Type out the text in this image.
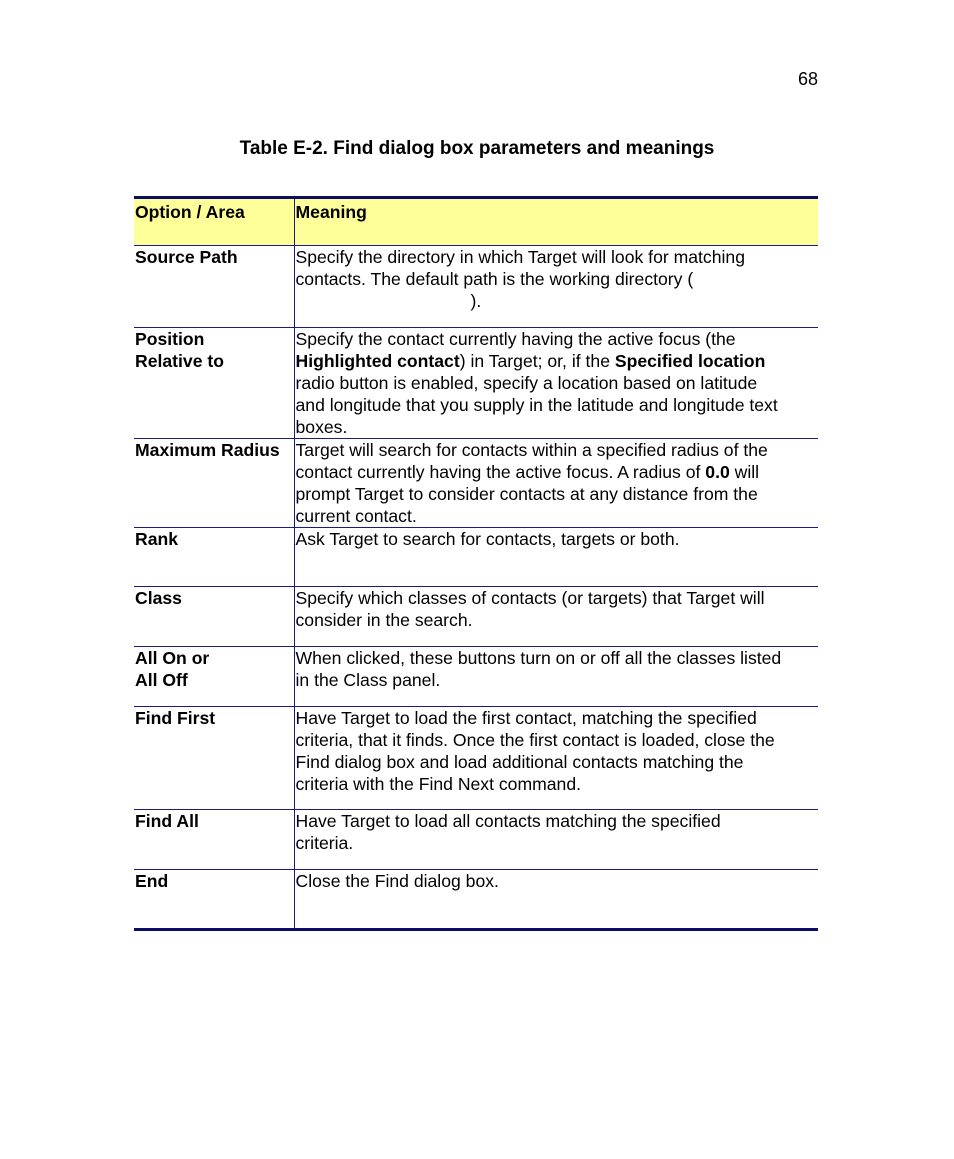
68
Table E-2. Find dialog box parameters and meanings
Option / Area	Meaning

Source Path	Specify the directory in which Target will look for matching
contacts. The default path is the working directory (
).

Position
Relative to	Specify the contact currently having the active focus (the
Highlighted contact) in Target; or, if the Specified location
radio button is enabled, specify a location based on latitude
and longitude that you supply in the latitude and longitude text
boxes.

Maximum Radius	Target will search for contacts within a specified radius of the
contact currently having the active focus. A radius of 0.0 will
prompt Target to consider contacts at any distance from the
current contact.

Rank	Ask Target to search for contacts, targets or both.

Class	Specify which classes of contacts (or targets) that Target will
consider in the search.

All On or
All Off	When clicked, these buttons turn on or off all the classes listed
in the Class panel.

Find First	Have Target to load the first contact, matching the specified
criteria, that it finds. Once the first contact is loaded, close the
Find dialog box and load additional contacts matching the
criteria with the Find Next command.

Find All	Have Target to load all contacts matching the specified
criteria.

End	Close the Find dialog box.
